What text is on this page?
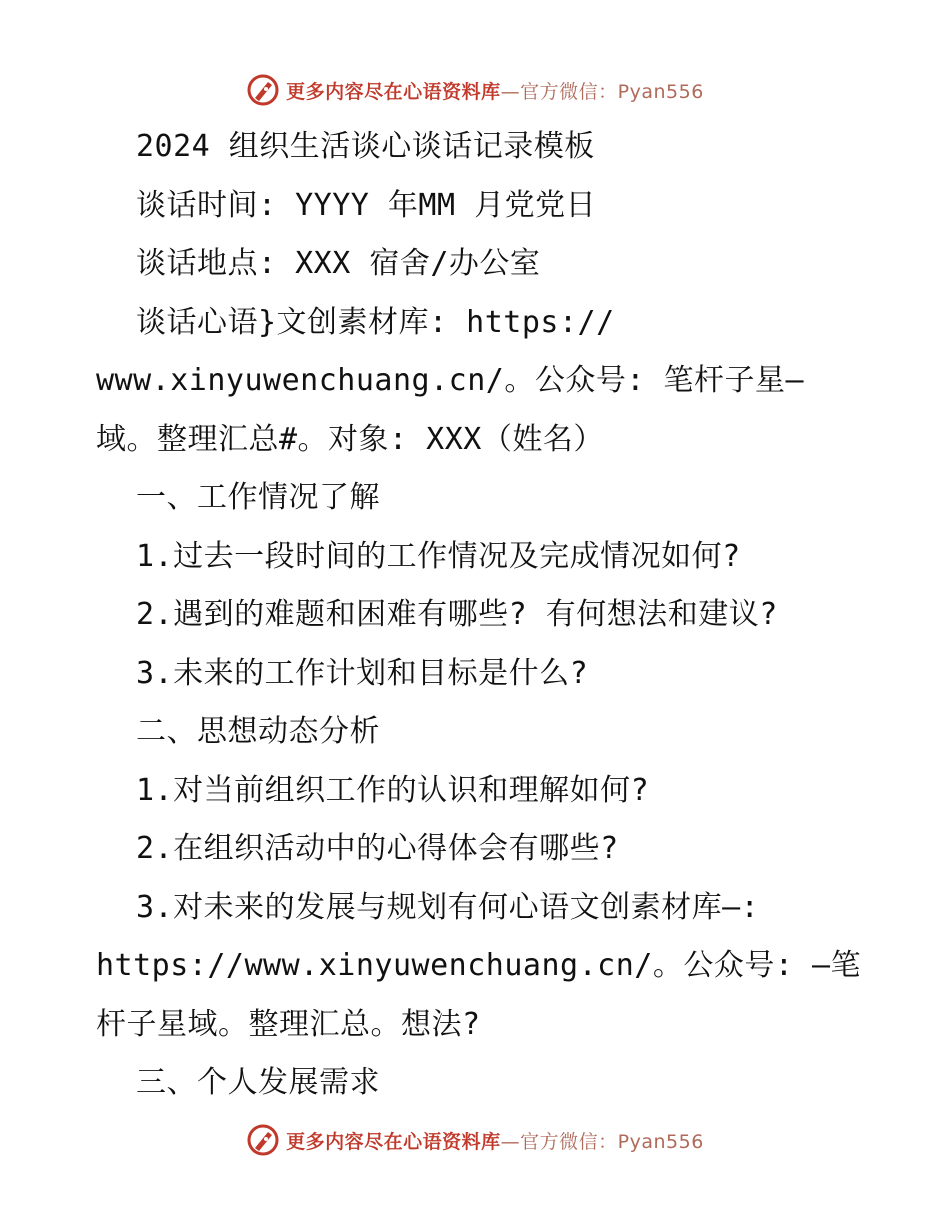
更多内容尽在心语资料库—官方微信：Pyan556
2024 组织生活谈心谈话记录模板
谈话时间: YYYY 年MM 月党党日
谈话地点: XXX 宿舍/办公室
谈话心语}文创素材库: https://
www.xinyuwenchuang.cn/。公众号: 笔杆子星—
域。整理汇总#。对象: XXX（姓名）
一、工作情况了解
1.过去一段时间的工作情况及完成情况如何?
2.遇到的难题和困难有哪些? 有何想法和建议?
3.未来的工作计划和目标是什么?
二、思想动态分析
1.对当前组织工作的认识和理解如何?
2.在组织活动中的心得体会有哪些?
3.对未来的发展与规划有何心语文创素材库—:
https://www.xinyuwenchuang.cn/。公众号: —笔
杆子星域。整理汇总。想法?
三、个人发展需求
更多内容尽在心语资料库—官方微信：Pyan556
